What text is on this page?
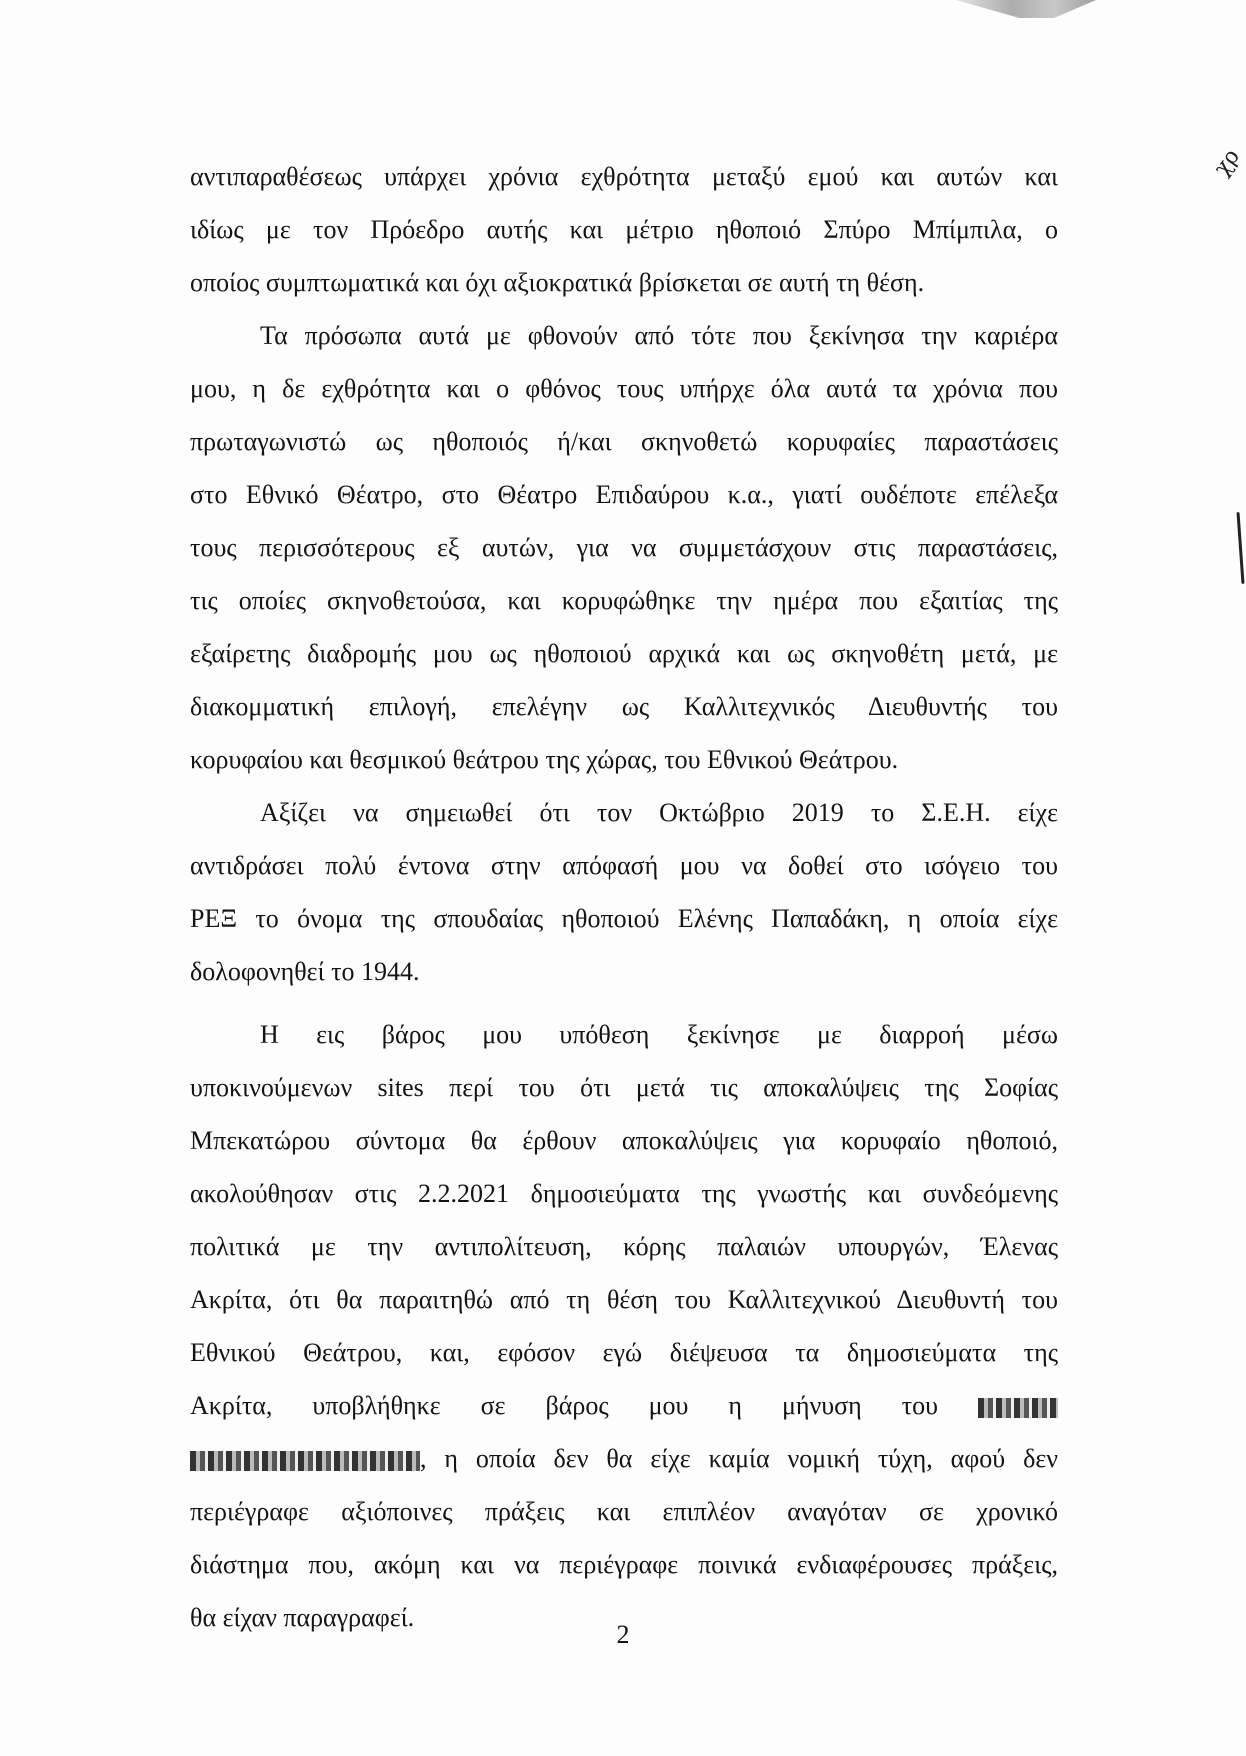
χρ
αντιπαραθέσεως υπάρχει χρόνια εχθρότητα μεταξύ εμού και αυτών και
ιδίως με τον Πρόεδρο αυτής και μέτριο ηθοποιό Σπύρο Μπίμπιλα, ο
οποίος συμπτωματικά και όχι αξιοκρατικά βρίσκεται σε αυτή τη θέση.
Τα πρόσωπα αυτά με φθονούν από τότε που ξεκίνησα την καριέρα
μου, η δε εχθρότητα και ο φθόνος τους υπήρχε όλα αυτά τα χρόνια που
πρωταγωνιστώ ως ηθοποιός ή/και σκηνοθετώ κορυφαίες παραστάσεις
στο Εθνικό Θέατρο, στο Θέατρο Επιδαύρου κ.α., γιατί ουδέποτε επέλεξα
τους περισσότερους εξ αυτών, για να συμμετάσχουν στις παραστάσεις,
τις οποίες σκηνοθετούσα, και κορυφώθηκε την ημέρα που εξαιτίας της
εξαίρετης διαδρομής μου ως ηθοποιού αρχικά και ως σκηνοθέτη μετά, με
διακομματική επιλογή, επελέγην ως Καλλιτεχνικός Διευθυντής του
κορυφαίου και θεσμικού θεάτρου της χώρας, του Εθνικού Θεάτρου.
Αξίζει να σημειωθεί ότι τον Οκτώβριο 2019 το Σ.Ε.Η. είχε
αντιδράσει πολύ έντονα στην απόφασή μου να δοθεί στο ισόγειο του
ΡΕΞ το όνομα της σπουδαίας ηθοποιού Ελένης Παπαδάκη, η οποία είχε
δολοφονηθεί το 1944.
Η εις βάρος μου υπόθεση ξεκίνησε με διαρροή μέσω
υποκινούμενων sites περί του ότι μετά τις αποκαλύψεις της Σοφίας
Μπεκατώρου σύντομα θα έρθουν αποκαλύψεις για κορυφαίο ηθοποιό,
ακολούθησαν στις 2.2.2021 δημοσιεύματα της γνωστής και συνδεόμενης
πολιτικά με την αντιπολίτευση, κόρης παλαιών υπουργών, Έλενας
Ακρίτα, ότι θα παραιτηθώ από τη θέση του Καλλιτεχνικού Διευθυντή του
Εθνικού Θεάτρου, και, εφόσον εγώ διέψευσα τα δημοσιεύματα της
Ακρίτα, υποβλήθηκε σε βάρος μου η μήνυση του
, η οποία δεν θα είχε καμία νομική τύχη, αφού δεν
περιέγραφε αξιόποινες πράξεις και επιπλέον αναγόταν σε χρονικό
διάστημα που, ακόμη και να περιέγραφε ποινικά ενδιαφέρουσες πράξεις,
θα είχαν παραγραφεί.
2
